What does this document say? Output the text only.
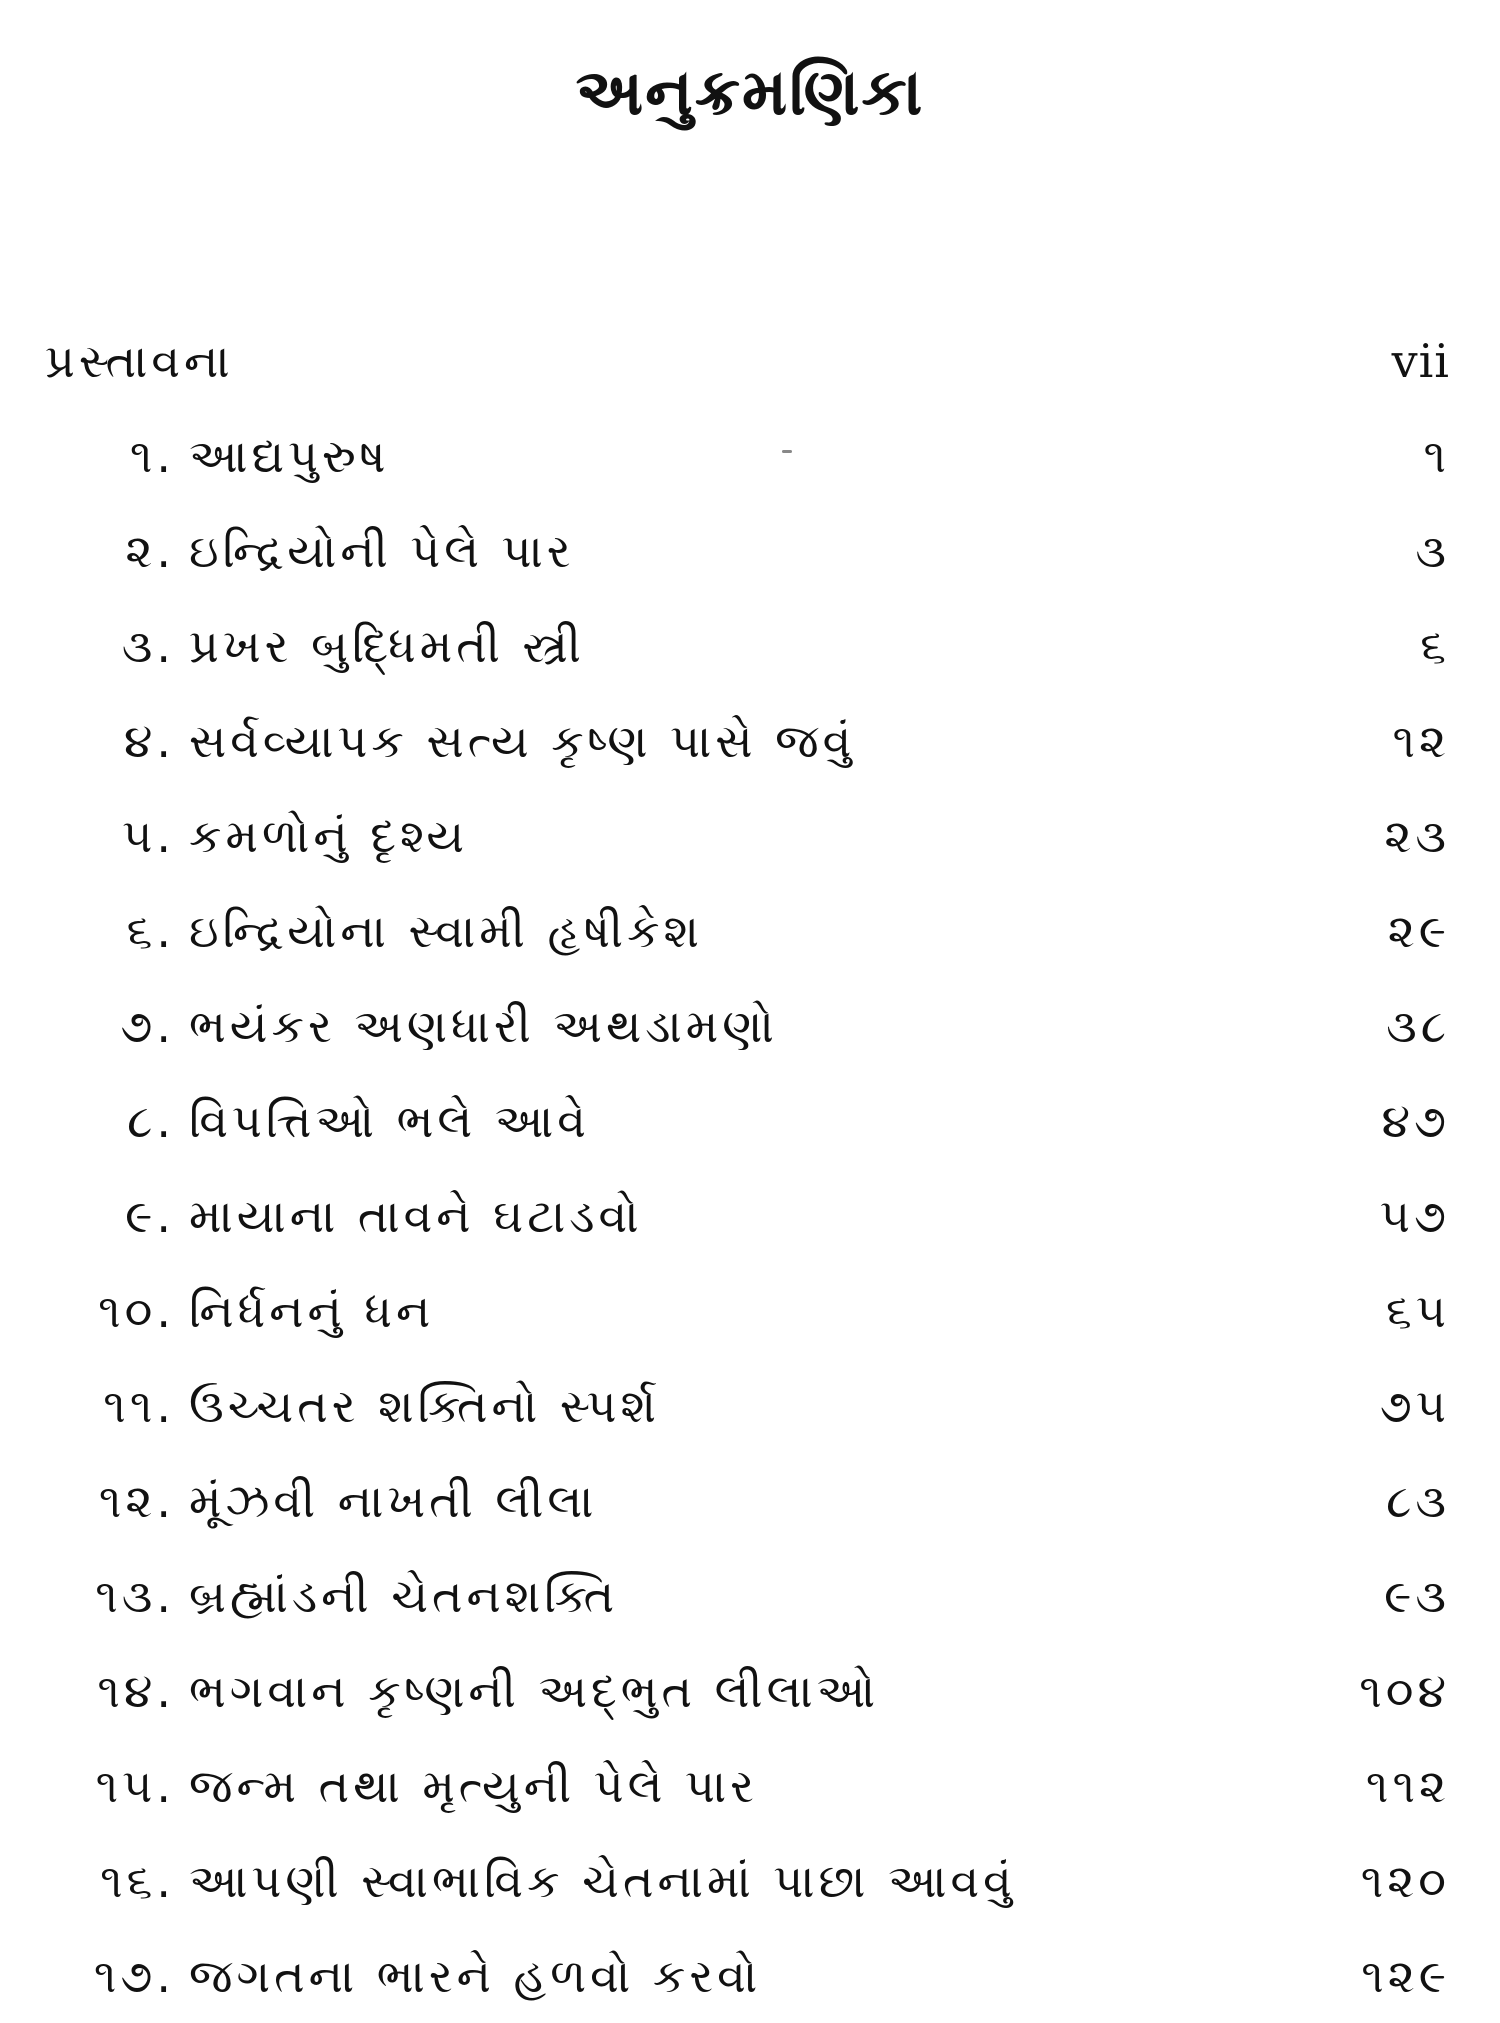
અનુક્રમણિકા
પ્રસ્તાવના	vii
૧. આદ્યપુરુષ	૧
૨. ઇન્દ્રિયોની પેલે પાર	૩
૩. પ્રખર બુદ્ધિમતી સ્ત્રી	૬
૪. સર્વવ્યાપક સત્ય કૃષ્ણ પાસે જવું	૧૨
૫. કમળોનું દૃશ્ય	૨૩
૬. ઇન્દ્રિયોના સ્વામી હૃષીકેશ	૨૯
૭. ભયંકર અણધારી અથડામણો	૩૮
૮. વિપત્તિઓ ભલે આવે	૪૭
૯. માયાના તાવને ઘટાડવો	૫૭
૧૦. નિર્ધનનું ધન	૬૫
૧૧. ઉચ્ચતર શક્તિનો સ્પર્શ	૭૫
૧૨. મૂંઝવી નાખતી લીલા	૮૩
૧૩. બ્રહ્માંડની ચેતનશક્તિ	૯૩
૧૪. ભગવાન કૃષ્ણની અદ્ભુત લીલાઓ	૧૦૪
૧૫. જન્મ તથા મૃત્યુની પેલે પાર	૧૧૨
૧૬. આપણી સ્વાભાવિક ચેતનામાં પાછા આવવું	૧૨૦
૧૭. જગતના ભારને હળવો કરવો	૧૨૯
